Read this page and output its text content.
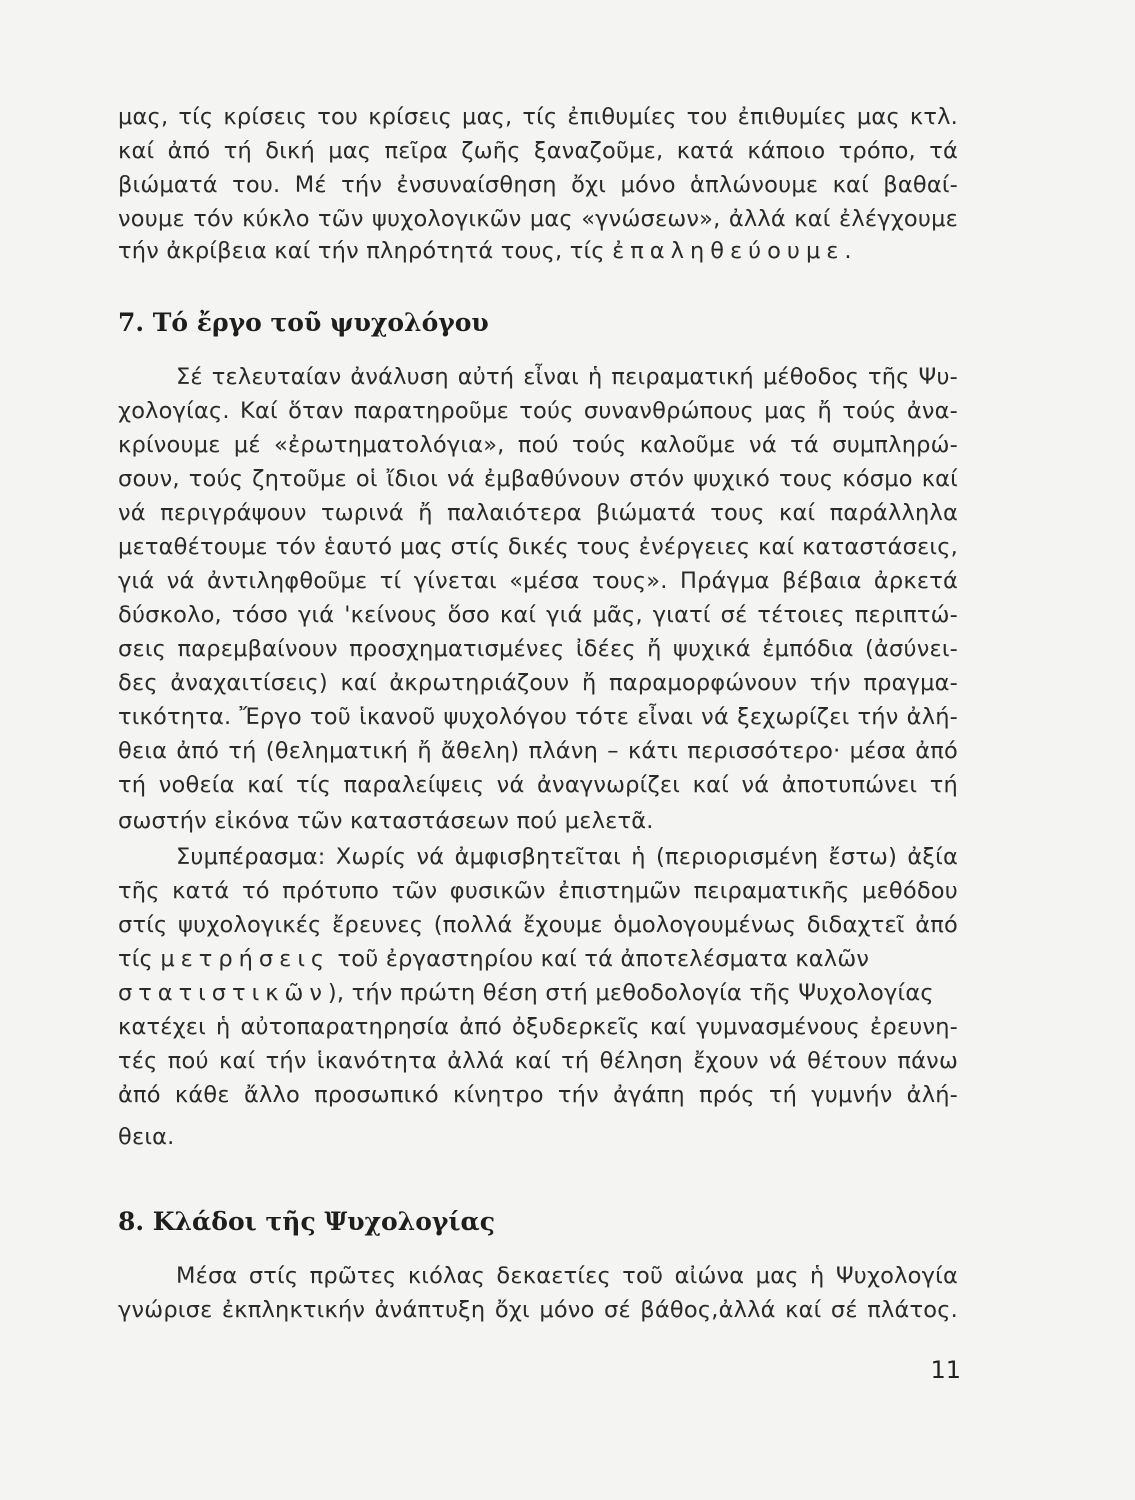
μας, τίς κρίσεις του κρίσεις μας, τίς ἐπιθυμίες του ἐπιθυμίες μας κτλ.
καί ἀπό τή δική μας πεῖρα ζωῆς ξαναζοῦμε, κατά κάποιο τρόπο, τά
βιώματά του. Μέ τήν ἐνσυναίσθηση ὄχι μόνο ἁπλώνουμε καί βαθαί-
νουμε τόν κύκλο τῶν ψυχολογικῶν μας «γνώσεων», ἀλλά καί ἐλέγχουμε
τήν ἀκρίβεια καί τήν πληρότητά τους, τίς ἐπαληθεύουμε.
7. Τό ἔργο τοῦ ψυχολόγου
Σέ τελευταίαν ἀνάλυση αὐτή εἶναι ἡ πειραματική μέθοδος τῆς Ψυ-
χολογίας. Καί ὅταν παρατηροῦμε τούς συνανθρώπους μας ἤ τούς ἀνα-
κρίνουμε μέ «ἐρωτηματολόγια», πού τούς καλοῦμε νά τά συμπληρώ-
σουν, τούς ζητοῦμε οἱ ἴδιοι νά ἐμβαθύνουν στόν ψυχικό τους κόσμο καί
νά περιγράψουν τωρινά ἤ παλαιότερα βιώματά τους καί παράλληλα
μεταθέτουμε τόν ἑαυτό μας στίς δικές τους ἐνέργειες καί καταστάσεις,
γιά νά ἀντιληφθοῦμε τί γίνεται «μέσα τους». Πράγμα βέβαια ἀρκετά
δύσκολο, τόσο γιά 'κείνους ὅσο καί γιά μᾶς, γιατί σέ τέτοιες περιπτώ-
σεις παρεμβαίνουν προσχηματισμένες ἰδέες ἤ ψυχικά ἐμπόδια (ἀσύνει-
δες ἀναχαιτίσεις) καί ἀκρωτηριάζουν ἤ παραμορφώνουν τήν πραγμα-
τικότητα. Ἔργο τοῦ ἱκανοῦ ψυχολόγου τότε εἶναι νά ξεχωρίζει τήν ἀλή-
θεια ἀπό τή (θεληματική ἤ ἄθελη) πλάνη – κάτι περισσότερο· μέσα ἀπό
τή νοθεία καί τίς παραλείψεις νά ἀναγνωρίζει καί νά ἀποτυπώνει τή
σωστήν εἰκόνα τῶν καταστάσεων πού μελετᾶ.
Συμπέρασμα: Χωρίς νά ἀμφισβητεῖται ἡ (περιορισμένη ἔστω) ἀξία
τῆς κατά τό πρότυπο τῶν φυσικῶν ἐπιστημῶν πειραματικῆς μεθόδου
στίς ψυχολογικές ἔρευνες (πολλά ἔχουμε ὁμολογουμένως διδαχτεῖ ἀπό
τίς μετρήσεις τοῦ ἐργαστηρίου καί τά ἀποτελέσματα καλῶν
στατιστικῶν), τήν πρώτη θέση στή μεθοδολογία τῆς Ψυχολογίας
κατέχει ἡ αὐτοπαρατηρησία ἀπό ὀξυδερκεῖς καί γυμνασμένους ἐρευνη-
τές πού καί τήν ἱκανότητα ἀλλά καί τή θέληση ἔχουν νά θέτουν πάνω
ἀπό κάθε ἄλλο προσωπικό κίνητρο τήν ἀγάπη πρός τή γυμνήν ἀλή-
θεια.
8. Κλάδοι τῆς Ψυχολογίας
Μέσα στίς πρῶτες κιόλας δεκαετίες τοῦ αἰώνα μας ἡ Ψυχολογία
γνώρισε ἐκπληκτικήν ἀνάπτυξη ὄχι μόνο σέ βάθος,ἀλλά καί σέ πλάτος.
11
